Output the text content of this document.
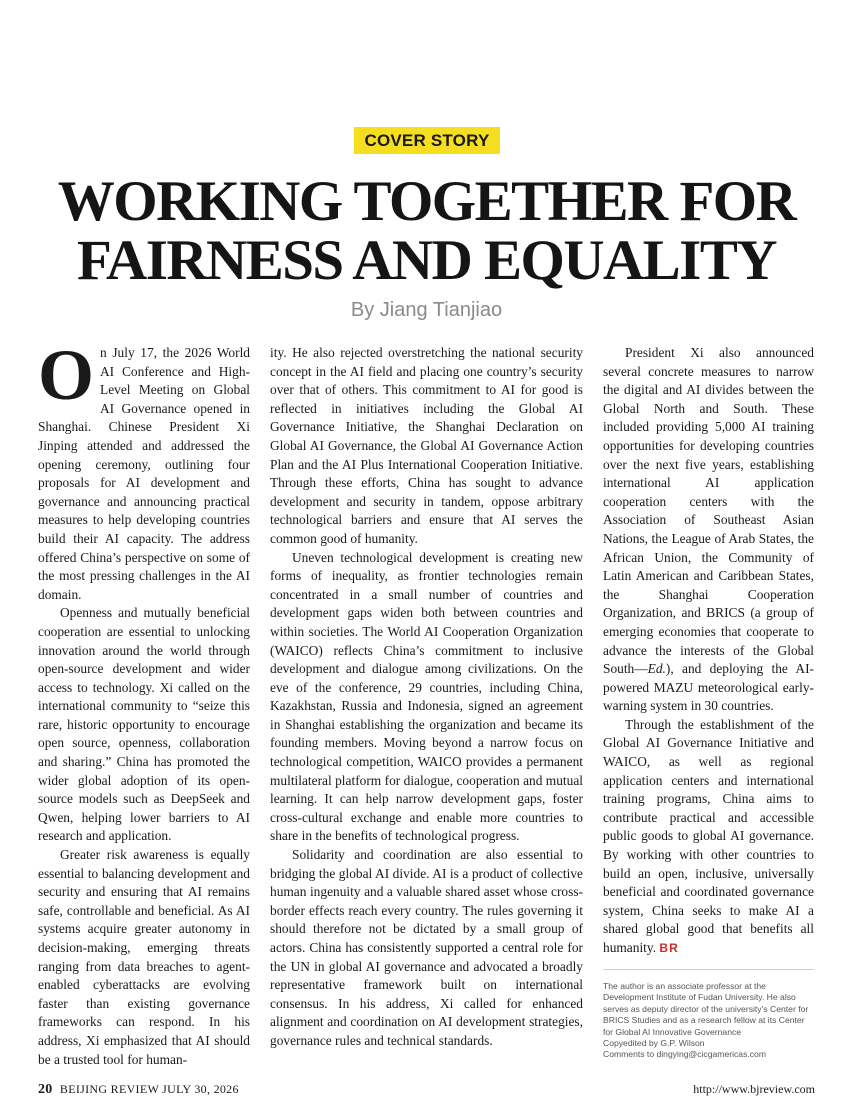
COVER STORY
WORKING TOGETHER FOR
FAIRNESS AND EQUALITY
By Jiang Tianjiao

On July 17, the 2026 World AI Conference and High-Level Meeting on Global AI Governance opened in Shanghai. Chinese President Xi Jinping attended and addressed the opening ceremony, outlining four proposals for AI development and governance and announcing practical measures to help developing countries build their AI capacity. The address offered China’s perspective on some of the most pressing challenges in the AI domain.

Openness and mutually beneficial cooperation are essential to unlocking innovation around the world through open-source development and wider access to technology. Xi called on the international community to “seize this rare, historic opportunity to encourage open source, openness, collaboration and sharing.” China has promoted the wider global adoption of its open-source models such as DeepSeek and Qwen, helping lower barriers to AI research and application.

Greater risk awareness is equally essential to balancing development and security and ensuring that AI remains safe, controllable and beneficial. As AI systems acquire greater autonomy in decision-making, emerging threats ranging from data breaches to agent-enabled cyberattacks are evolving faster than existing governance frameworks can respond. In his address, Xi emphasized that AI should be a trusted tool for human-

ity. He also rejected overstretching the national security concept in the AI field and placing one country’s security over that of others. This commitment to AI for good is reflected in initiatives including the Global AI Governance Initiative, the Shanghai Declaration on Global AI Governance, the Global AI Governance Action Plan and the AI Plus International Cooperation Initiative. Through these efforts, China has sought to advance development and security in tandem, oppose arbitrary technological barriers and ensure that AI serves the common good of humanity.

Uneven technological development is creating new forms of inequality, as frontier technologies remain concentrated in a small number of countries and development gaps widen both between countries and within societies. The World AI Cooperation Organization (WAICO) reflects China’s commitment to inclusive development and dialogue among civilizations. On the eve of the conference, 29 countries, including China, Kazakhstan, Russia and Indonesia, signed an agreement in Shanghai establishing the organization and became its founding members. Moving beyond a narrow focus on technological competition, WAICO provides a permanent multilateral platform for dialogue, cooperation and mutual learning. It can help narrow development gaps, foster cross-cultural exchange and enable more countries to share in the benefits of technological progress.

Solidarity and coordination are also essential to bridging the global AI divide. AI is a product of collective human ingenuity and a valuable shared asset whose cross-border effects reach every country. The rules governing it should therefore not be dictated by a small group of actors. China has consistently supported a central role for the UN in global AI governance and advocated a broadly representative framework built on international consensus. In his address, Xi called for enhanced alignment and coordination on AI development strategies, governance rules and technical standards.

President Xi also announced several concrete measures to narrow the digital and AI divides between the Global North and South. These included providing 5,000 AI training opportunities for developing countries over the next five years, establishing international AI application cooperation centers with the Association of Southeast Asian Nations, the League of Arab States, the African Union, the Community of Latin American and Caribbean States, the Shanghai Cooperation Organization, and BRICS (a group of emerging economies that cooperate to advance the interests of the Global South—Ed.), and deploying the AI-powered MAZU meteorological early-warning system in 30 countries.

Through the establishment of the Global AI Governance Initiative and WAICO, as well as regional application centers and international training programs, China aims to contribute practical and accessible public goods to global AI governance. By working with other countries to build an open, inclusive, universally beneficial and coordinated governance system, China seeks to make AI a shared global good that benefits all humanity. BR

The author is an associate professor at the Development Institute of Fudan University. He also serves as deputy director of the university’s Center for BRICS Studies and as a research fellow at its Center for Global AI Innovative Governance
Copyedited by G.P. Wilson
Comments to dingying@cicgamericas.com
20 BEIJING REVIEW JULY 30, 2026	http://www.bjreview.com
